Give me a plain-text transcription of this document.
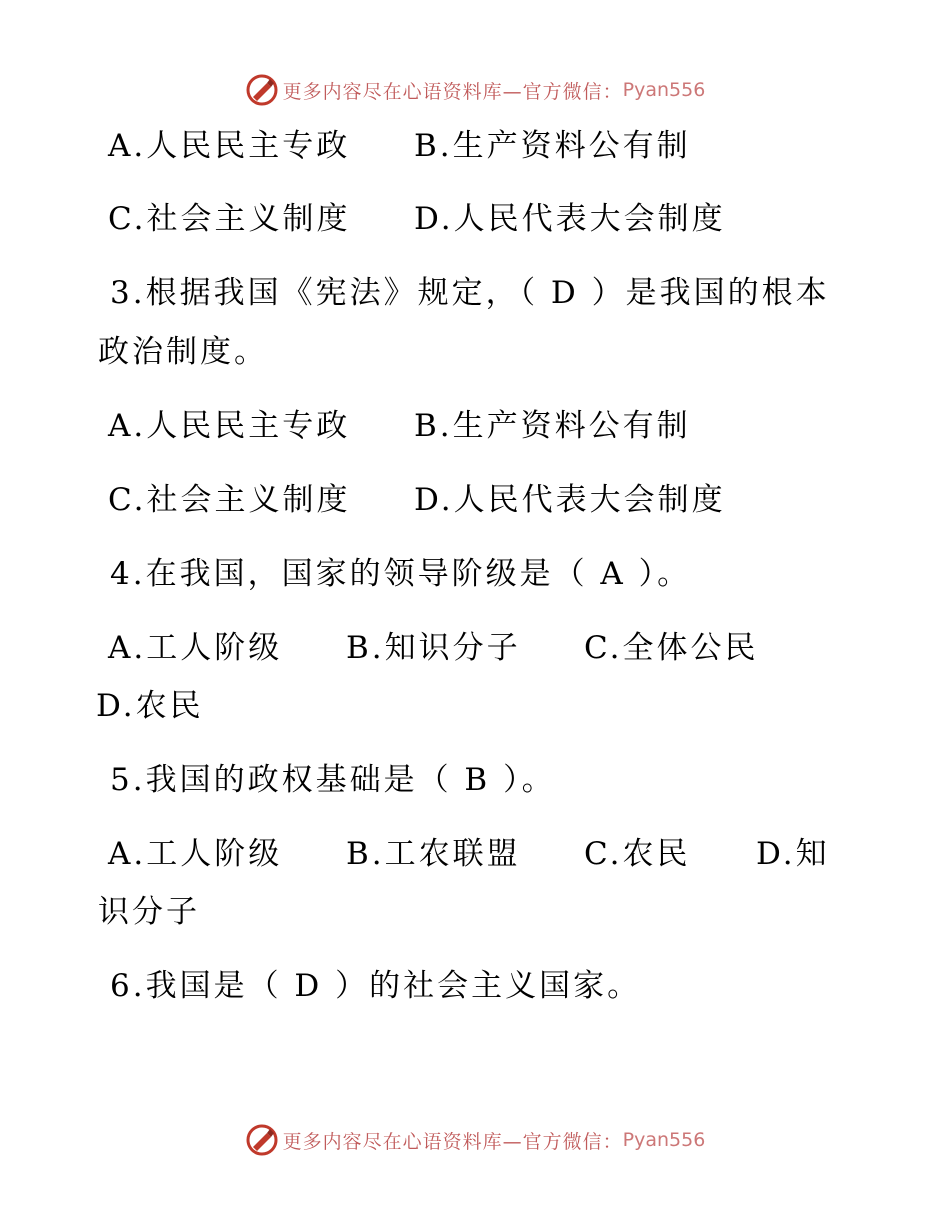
更多内容尽在心语资料库—官方微信： Pyan556
A.人民民主专政 B.生产资料公有制
C.社会主义制度 D.人民代表大会制度
3.根据我国《宪法》规定，（ D ）是我国的根本
政治制度。
A.人民民主专政 B.生产资料公有制
C.社会主义制度 D.人民代表大会制度
4.在我国，国家的领导阶级是（ A ）。
A.工人阶级 B.知识分子 C.全体公民
D.农民
5.我国的政权基础是（ B ）。
A.工人阶级 B.工农联盟 C.农民 D.知
识分子
6.我国是（ D ）的社会主义国家。
更多内容尽在心语资料库—官方微信： Pyan556
